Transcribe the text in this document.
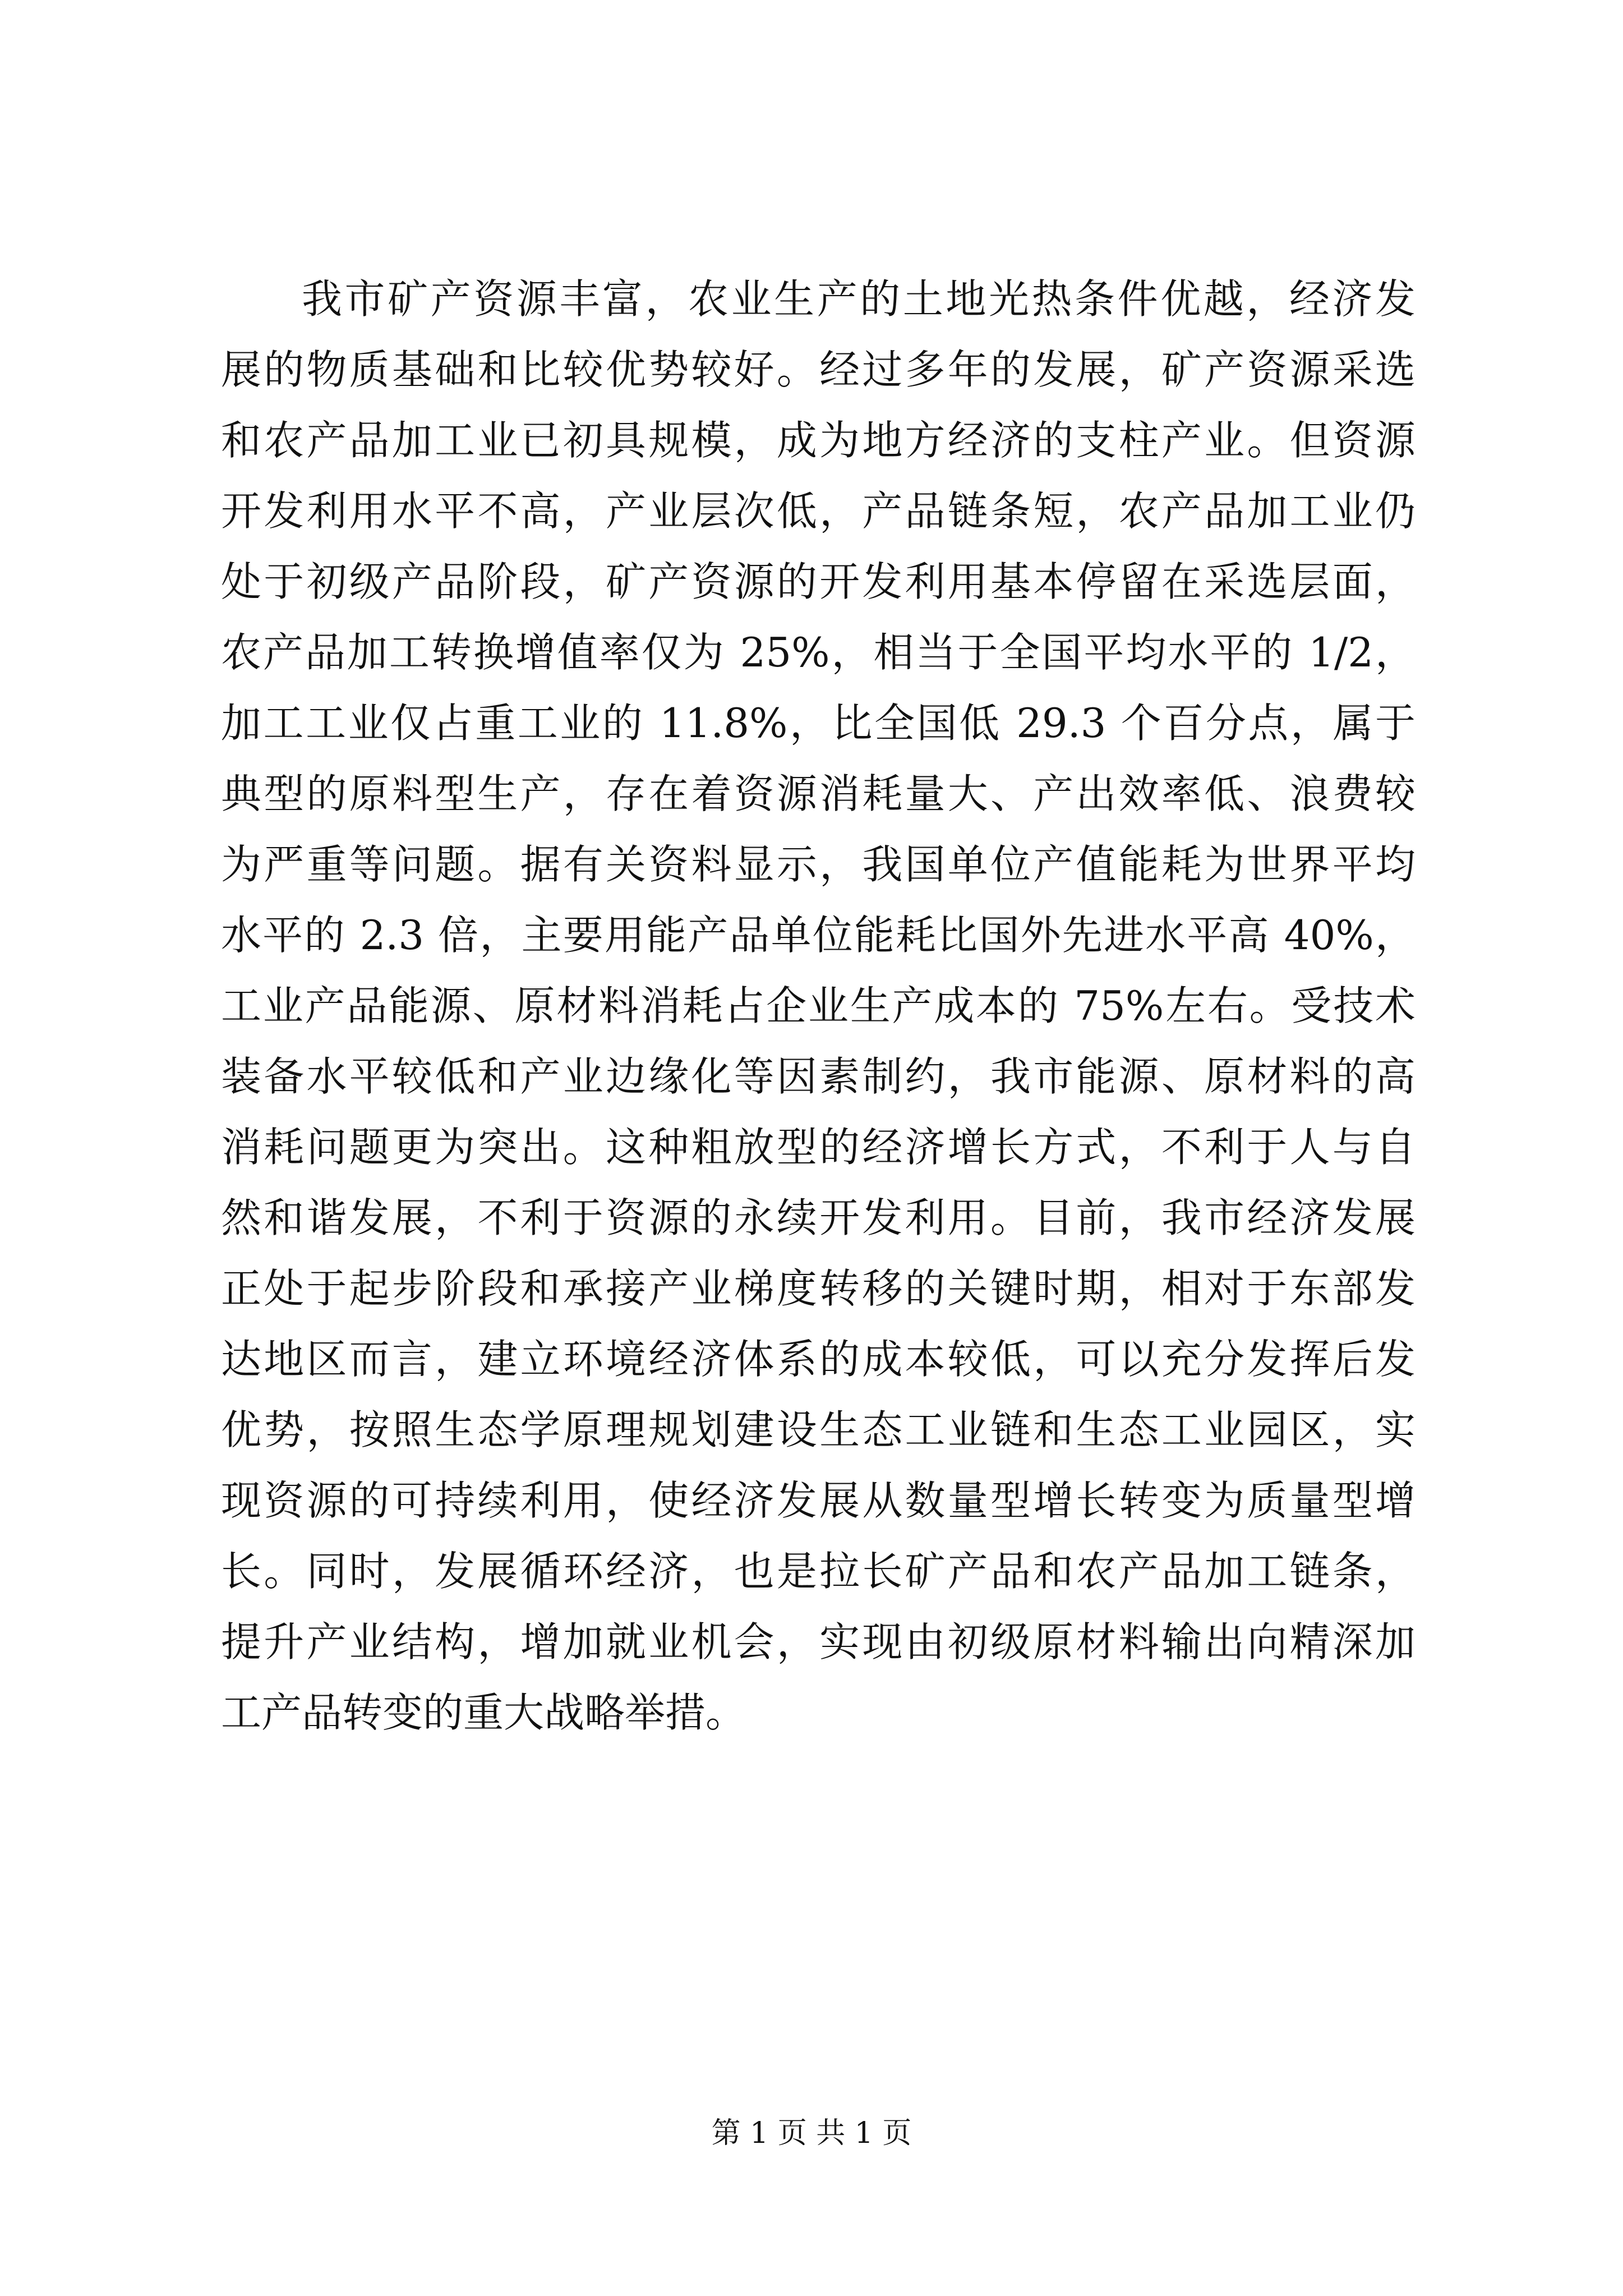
我市矿产资源丰富，农业生产的土地光热条件优越，经济发
展的物质基础和比较优势较好。经过多年的发展，矿产资源采选
和农产品加工业已初具规模，成为地方经济的支柱产业。但资源
开发利用水平不高，产业层次低，产品链条短，农产品加工业仍
处于初级产品阶段，矿产资源的开发利用基本停留在采选层面，
农产品加工转换增值率仅为 25%，相当于全国平均水平的 1/2，
加工工业仅占重工业的 11.8%，比全国低 29.3 个百分点，属于
典型的原料型生产，存在着资源消耗量大、产出效率低、浪费较
为严重等问题。据有关资料显示，我国单位产值能耗为世界平均
水平的 2.3 倍，主要用能产品单位能耗比国外先进水平高 40%，
工业产品能源、原材料消耗占企业生产成本的 75%左右。受技术
装备水平较低和产业边缘化等因素制约，我市能源、原材料的高
消耗问题更为突出。这种粗放型的经济增长方式，不利于人与自
然和谐发展，不利于资源的永续开发利用。目前，我市经济发展
正处于起步阶段和承接产业梯度转移的关键时期，相对于东部发
达地区而言，建立环境经济体系的成本较低，可以充分发挥后发
优势，按照生态学原理规划建设生态工业链和生态工业园区，实
现资源的可持续利用，使经济发展从数量型增长转变为质量型增
长。同时，发展循环经济，也是拉长矿产品和农产品加工链条，
提升产业结构，增加就业机会，实现由初级原材料输出向精深加
工产品转变的重大战略举措。
第 1 页 共 1 页
